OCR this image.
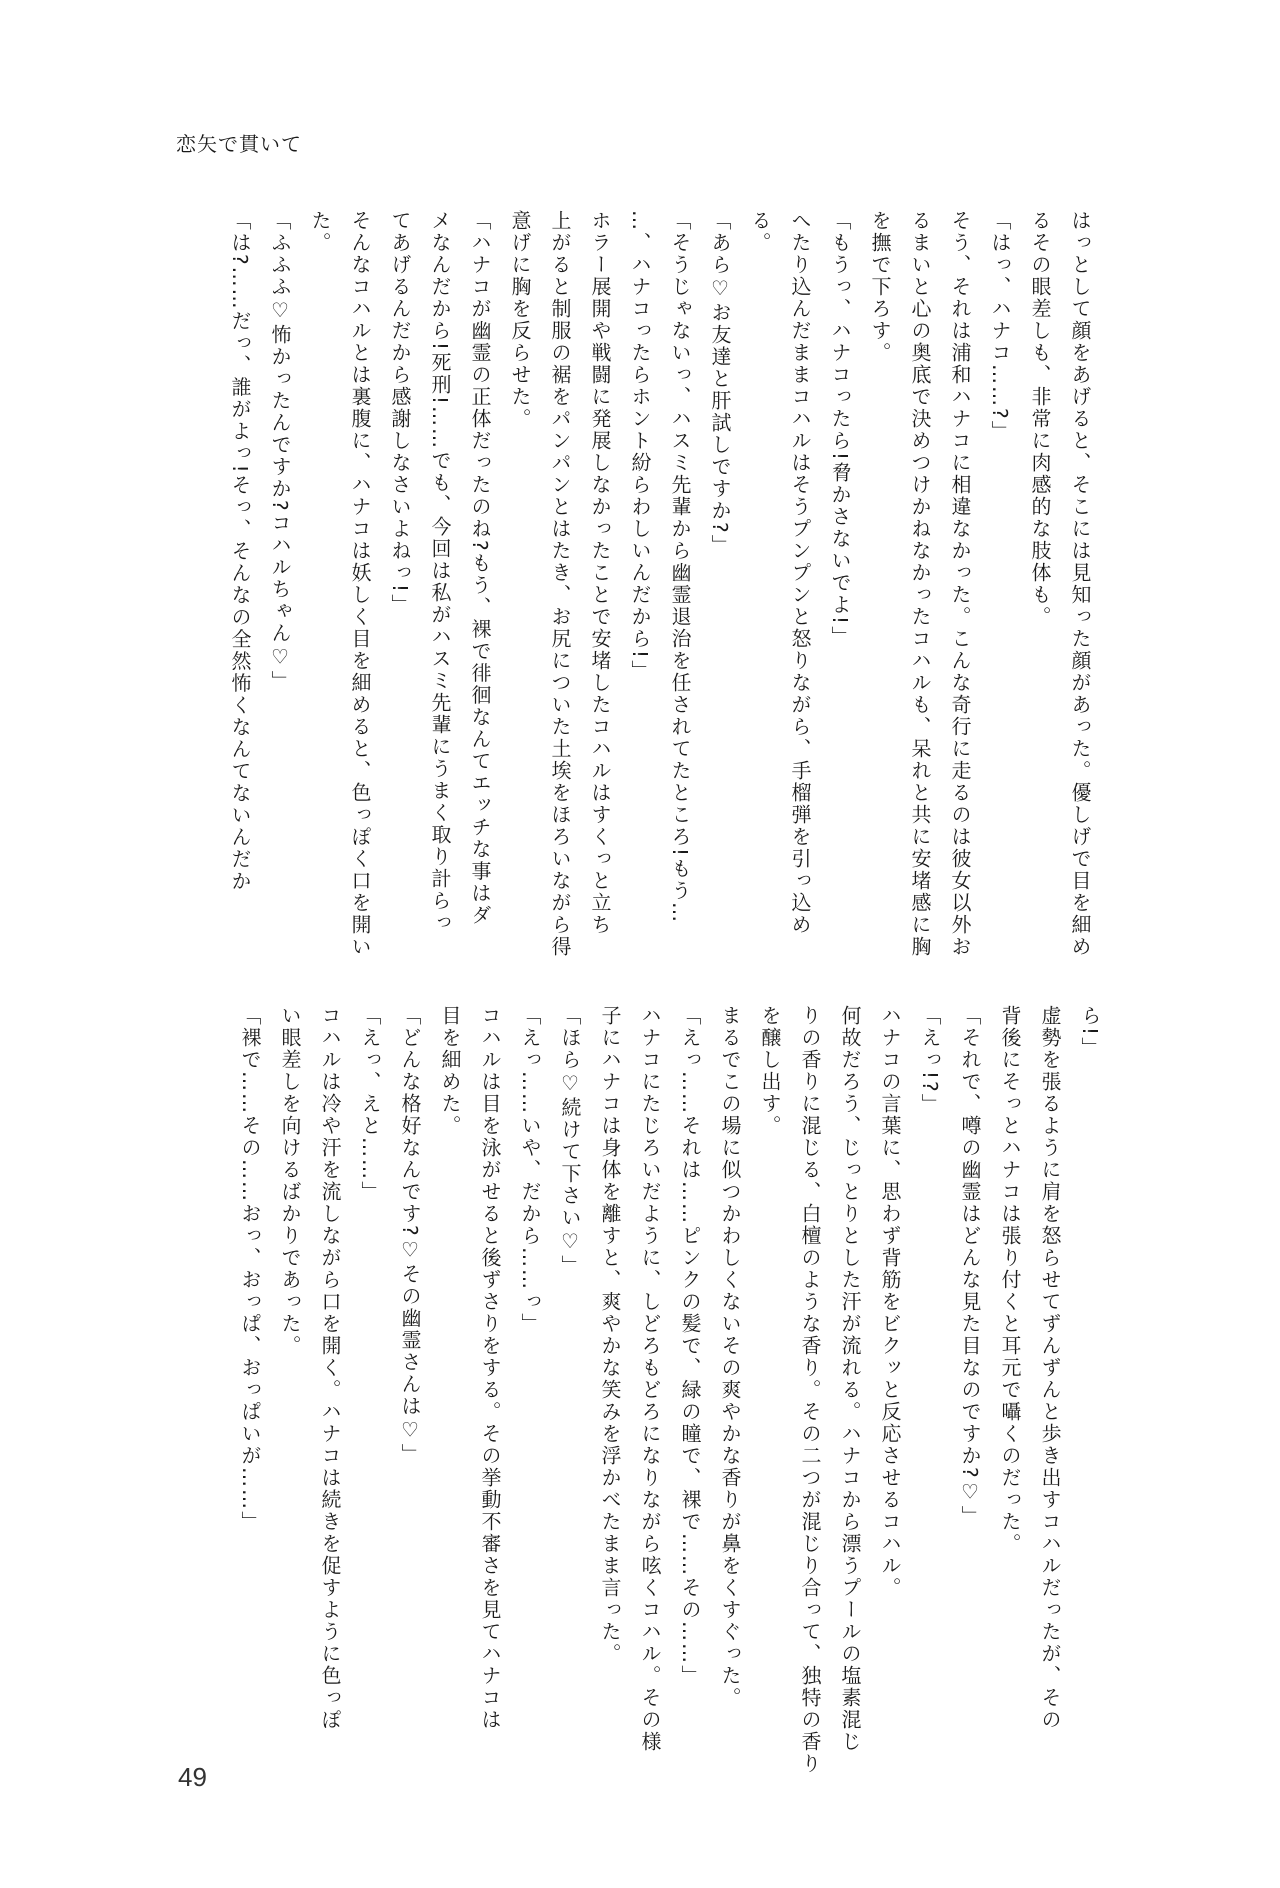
恋矢で貫いて
はっとして顔をあげると、そこには見知った顔があった。優しげで目を細め
るその眼差しも、非常に肉感的な肢体も。
「はっ、ハナコ……?」
そう、それは浦和ハナコに相違なかった。こんな奇行に走るのは彼女以外お
るまいと心の奥底で決めつけかねなかったコハルも、呆れと共に安堵感に胸
を撫で下ろす。
「もうっ、ハナコったら!脅かさないでよ!」
へたり込んだままコハルはそうプンプンと怒りながら、手榴弾を引っ込め
る。
「あら♡お友達と肝試しですか?」
「そうじゃないっ、ハスミ先輩から幽霊退治を任されてたところ!もう…
…、ハナコったらホント紛らわしいんだから!」
ホラー展開や戦闘に発展しなかったことで安堵したコハルはすくっと立ち
上がると制服の裾をパンパンとはたき、お尻についた土埃をほろいながら得
意げに胸を反らせた。
「ハナコが幽霊の正体だったのね?もう、裸で徘徊なんてエッチな事はダ
メなんだから!死刑!……でも、今回は私がハスミ先輩にうまく取り計らっ
てあげるんだから感謝しなさいよねっ!」
そんなコハルとは裏腹に、ハナコは妖しく目を細めると、色っぽく口を開い
た。
「ふふふ♡怖かったんですか?コハルちゃん♡」
「は?……だっ、誰がよっ!そっ、そんなの全然怖くなんてないんだか
ら!」
虚勢を張るように肩を怒らせてずんずんと歩き出すコハルだったが、その
背後にそっとハナコは張り付くと耳元で囁くのだった。
「それで、噂の幽霊はどんな見た目なのですか?♡」
「えっ!?」
ハナコの言葉に、思わず背筋をビクッと反応させるコハル。
何故だろう、じっとりとした汗が流れる。ハナコから漂うプールの塩素混じ
りの香りに混じる、白檀のような香り。その二つが混じり合って、独特の香り
を醸し出す。
まるでこの場に似つかわしくないその爽やかな香りが鼻をくすぐった。
「えっ……それは……ピンクの髪で、緑の瞳で、裸で……その……」
ハナコにたじろいだように、しどろもどろになりながら呟くコハル。その様
子にハナコは身体を離すと、爽やかな笑みを浮かべたまま言った。
「ほら♡続けて下さい♡」
「えっ……いや、だから……っ」
コハルは目を泳がせると後ずさりをする。その挙動不審さを見てハナコは
目を細めた。
「どんな格好なんです?♡その幽霊さんは♡」
「えっ、えと……」
コハルは冷や汗を流しながら口を開く。ハナコは続きを促すように色っぽ
い眼差しを向けるばかりであった。
「裸で……その……おっ、おっぱ、おっぱいが……」
49
